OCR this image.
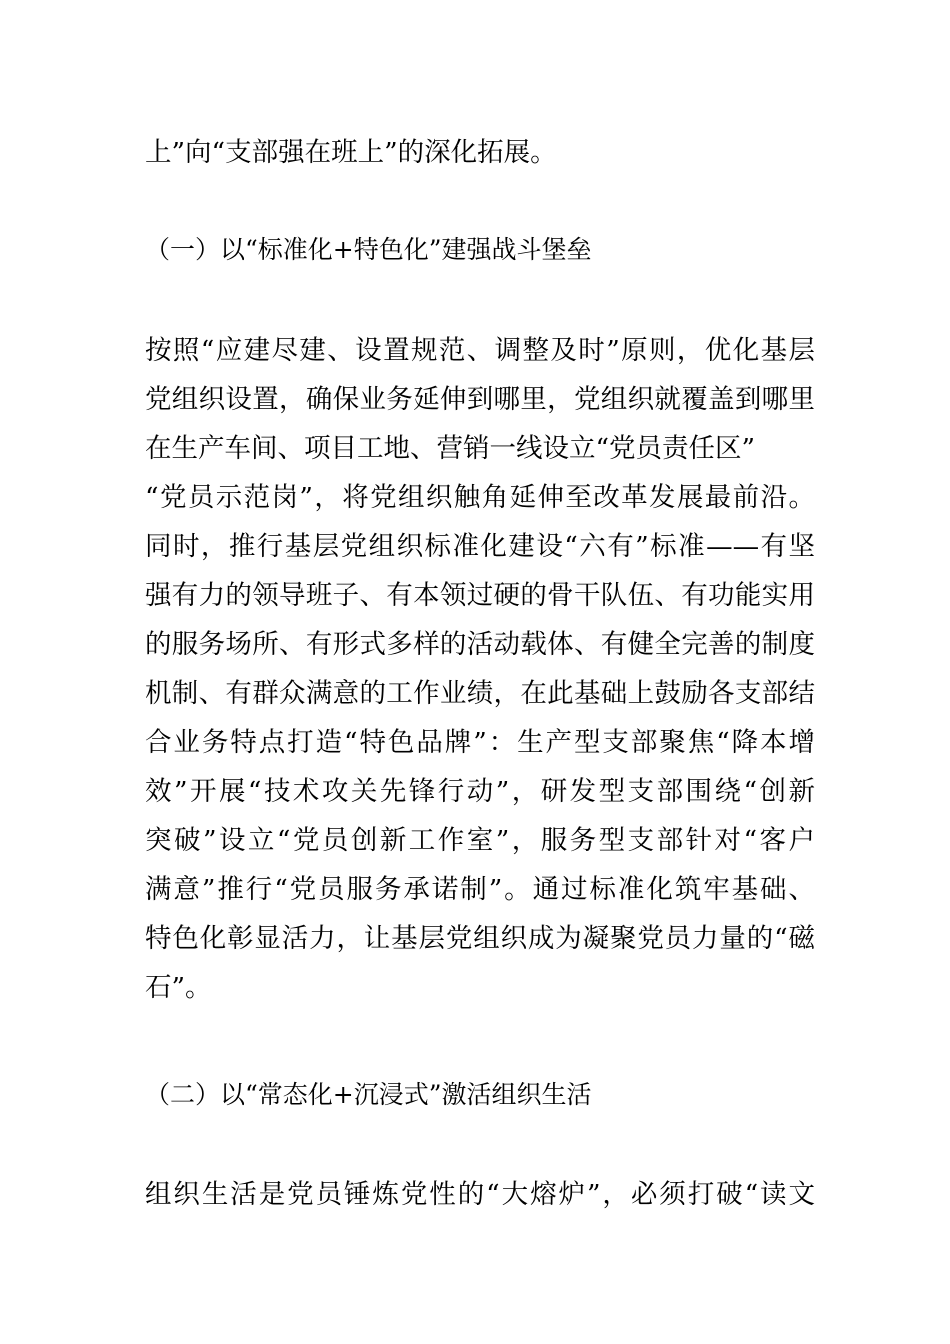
上”向“支部强在班上”的深化拓展。
（一）以“标准化+特色化”建强战斗堡垒
按照“应建尽建、设置规范、调整及时”原则，优化基层
党组织设置，确保业务延伸到哪里，党组织就覆盖到哪里
在生产车间、项目工地、营销一线设立“党员责任区”
“党员示范岗”，将党组织触角延伸至改革发展最前沿。
同时，推行基层党组织标准化建设“六有”标准——有坚
强有力的领导班子、有本领过硬的骨干队伍、有功能实用
的服务场所、有形式多样的活动载体、有健全完善的制度
机制、有群众满意的工作业绩，在此基础上鼓励各支部结
合业务特点打造“特色品牌”：生产型支部聚焦“降本增
效”开展“技术攻关先锋行动”，研发型支部围绕“创新
突破”设立“党员创新工作室”，服务型支部针对“客户
满意”推行“党员服务承诺制”。通过标准化筑牢基础、
特色化彰显活力，让基层党组织成为凝聚党员力量的“磁
石”。
（二）以“常态化+沉浸式”激活组织生活
组织生活是党员锤炼党性的“大熔炉”，必须打破“读文
